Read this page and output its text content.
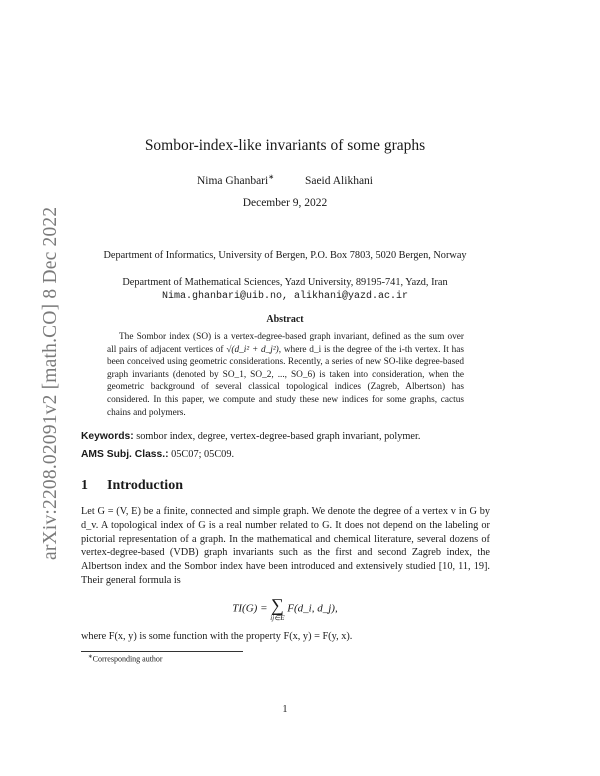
arXiv:2208.02091v2 [math.CO] 8 Dec 2022
Sombor-index-like invariants of some graphs
Nima Ghanbari∗	Saeid Alikhani
December 9, 2022
Department of Informatics, University of Bergen, P.O. Box 7803, 5020 Bergen, Norway
Department of Mathematical Sciences, Yazd University, 89195-741, Yazd, Iran
Nima.ghanbari@uib.no, alikhani@yazd.ac.ir
Abstract
The Sombor index (SO) is a vertex-degree-based graph invariant, defined as the sum over all pairs of adjacent vertices of √(d_i² + d_j²), where d_i is the degree of the i-th vertex. It has been conceived using geometric considerations. Recently, a series of new SO-like degree-based graph invariants (denoted by SO_1, SO_2, ..., SO_6) is taken into consideration, when the geometric background of several classical topological indices (Zagreb, Albertson) has considered. In this paper, we compute and study these new indices for some graphs, cactus chains and polymers.
Keywords: sombor index, degree, vertex-degree-based graph invariant, polymer.
AMS Subj. Class.: 05C07; 05C09.
1 Introduction
Let G = (V, E) be a finite, connected and simple graph. We denote the degree of a vertex v in G by d_v. A topological index of G is a real number related to G. It does not depend on the labeling or pictorial representation of a graph. In the mathematical and chemical literature, several dozens of vertex-degree-based (VDB) graph invariants such as the first and second Zagreb index, the Albertson index and the Sombor index have been introduced and extensively studied [10, 11, 19]. Their general formula is
TI(G) = ∑
ij∈E
F(d_i, d_j),
where F(x, y) is some function with the property F(x, y) = F(y, x).
∗Corresponding author
1
